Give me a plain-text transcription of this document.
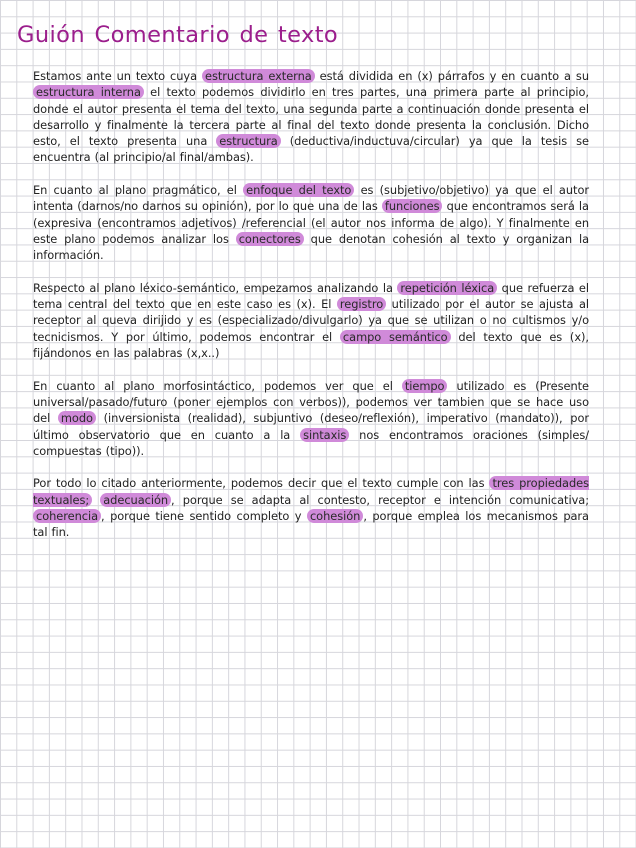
Guión Comentario de texto

Estamos ante un texto cuya estructura externa está dividida en (x) párrafos y en cuanto a su estructura interna el texto podemos dividirlo en tres partes, una primera parte al principio, donde el autor presenta el tema del texto, una segunda parte a continuación donde presenta el desarrollo y finalmente la tercera parte al final del texto donde presenta la conclusión. Dicho esto, el texto presenta una estructura (deductiva/inductuva/circular) ya que la tesis se encuentra (al principio/al final/ambas).

En cuanto al plano pragmático, el enfoque del texto es (subjetivo/objetivo) ya que el autor intenta (darnos/no darnos su opinión), por lo que una de las funciones que encontramos será la (expresiva (encontramos adjetivos) /referencial (el autor nos informa de algo). Y finalmente en este plano podemos analizar los conectores que denotan cohesión al texto y organizan la información.

Respecto al plano léxico-semántico, empezamos analizando la repetición léxica que refuerza el tema central del texto que en este caso es (x). El registro utilizado por el autor se ajusta al receptor al queva dirijido y es (especializado/divulgarlo) ya que se utilizan o no cultismos y/o tecnicismos. Y por último, podemos encontrar el campo semántico del texto que es (x), fijándonos en las palabras (x,x..)

En cuanto al plano morfosintáctico, podemos ver que el tiempo utilizado es (Presente universal/pasado/futuro (poner ejemplos con verbos)), podemos ver tambien que se hace uso del modo (inversionista (realidad), subjuntivo (deseo/reflexión), imperativo (mandato)), por último observatorio que en cuanto a la sintaxis nos encontramos oraciones (simples/ compuestas (tipo)).

Por todo lo citado anteriormente, podemos decir que el texto cumple con las tres propiedades textuales; adecuación , porque se adapta al contesto, receptor e intención comunicativa; coherencia , porque tiene sentido completo y cohesión , porque emplea los mecanismos para tal fin.
